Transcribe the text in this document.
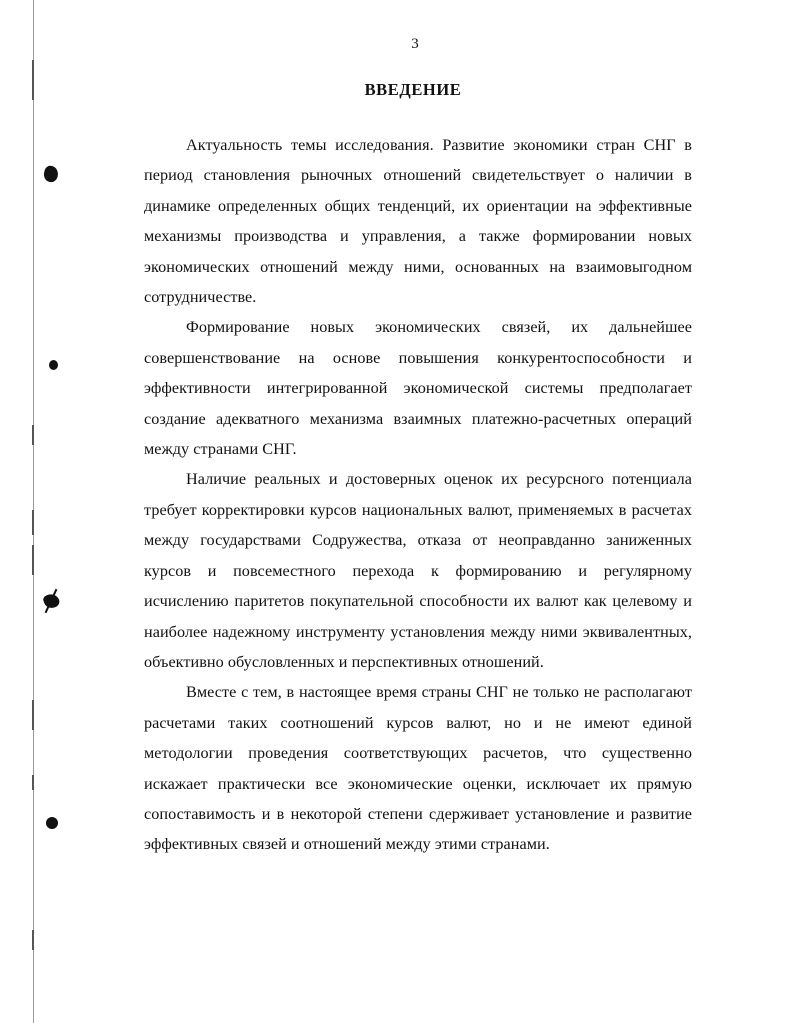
3
ВВЕДЕНИЕ

Актуальность темы исследования. Развитие экономики стран СНГ в период становления рыночных отношений свидетельствует о наличии в динамике определенных общих тенденций, их ориентации на эффективные механизмы производства и управления, а также формировании новых экономических отношений между ними, основанных на взаимовыгодном сотрудничестве.

Формирование новых экономических связей, их дальнейшее совершенствование на основе повышения конкурентоспособности и эффективности интегрированной экономической системы предполагает создание адекватного механизма взаимных платежно-расчетных операций между странами СНГ.

Наличие реальных и достоверных оценок их ресурсного потенциала требует корректировки курсов национальных валют, применяемых в расчетах между государствами Содружества, отказа от неоправданно заниженных курсов и повсеместного перехода к формированию и регулярному исчислению паритетов покупательной способности их валют как целевому и наиболее надежному инструменту установления между ними эквивалентных, объективно обусловленных и перспективных отношений.

Вместе с тем, в настоящее время страны СНГ не только не располагают расчетами таких соотношений курсов валют, но и не имеют единой методологии проведения соответствующих расчетов, что существенно искажает практически все экономические оценки, исключает их прямую сопоставимость и в некоторой степени сдерживает установление и развитие эффективных связей и отношений между этими странами.
